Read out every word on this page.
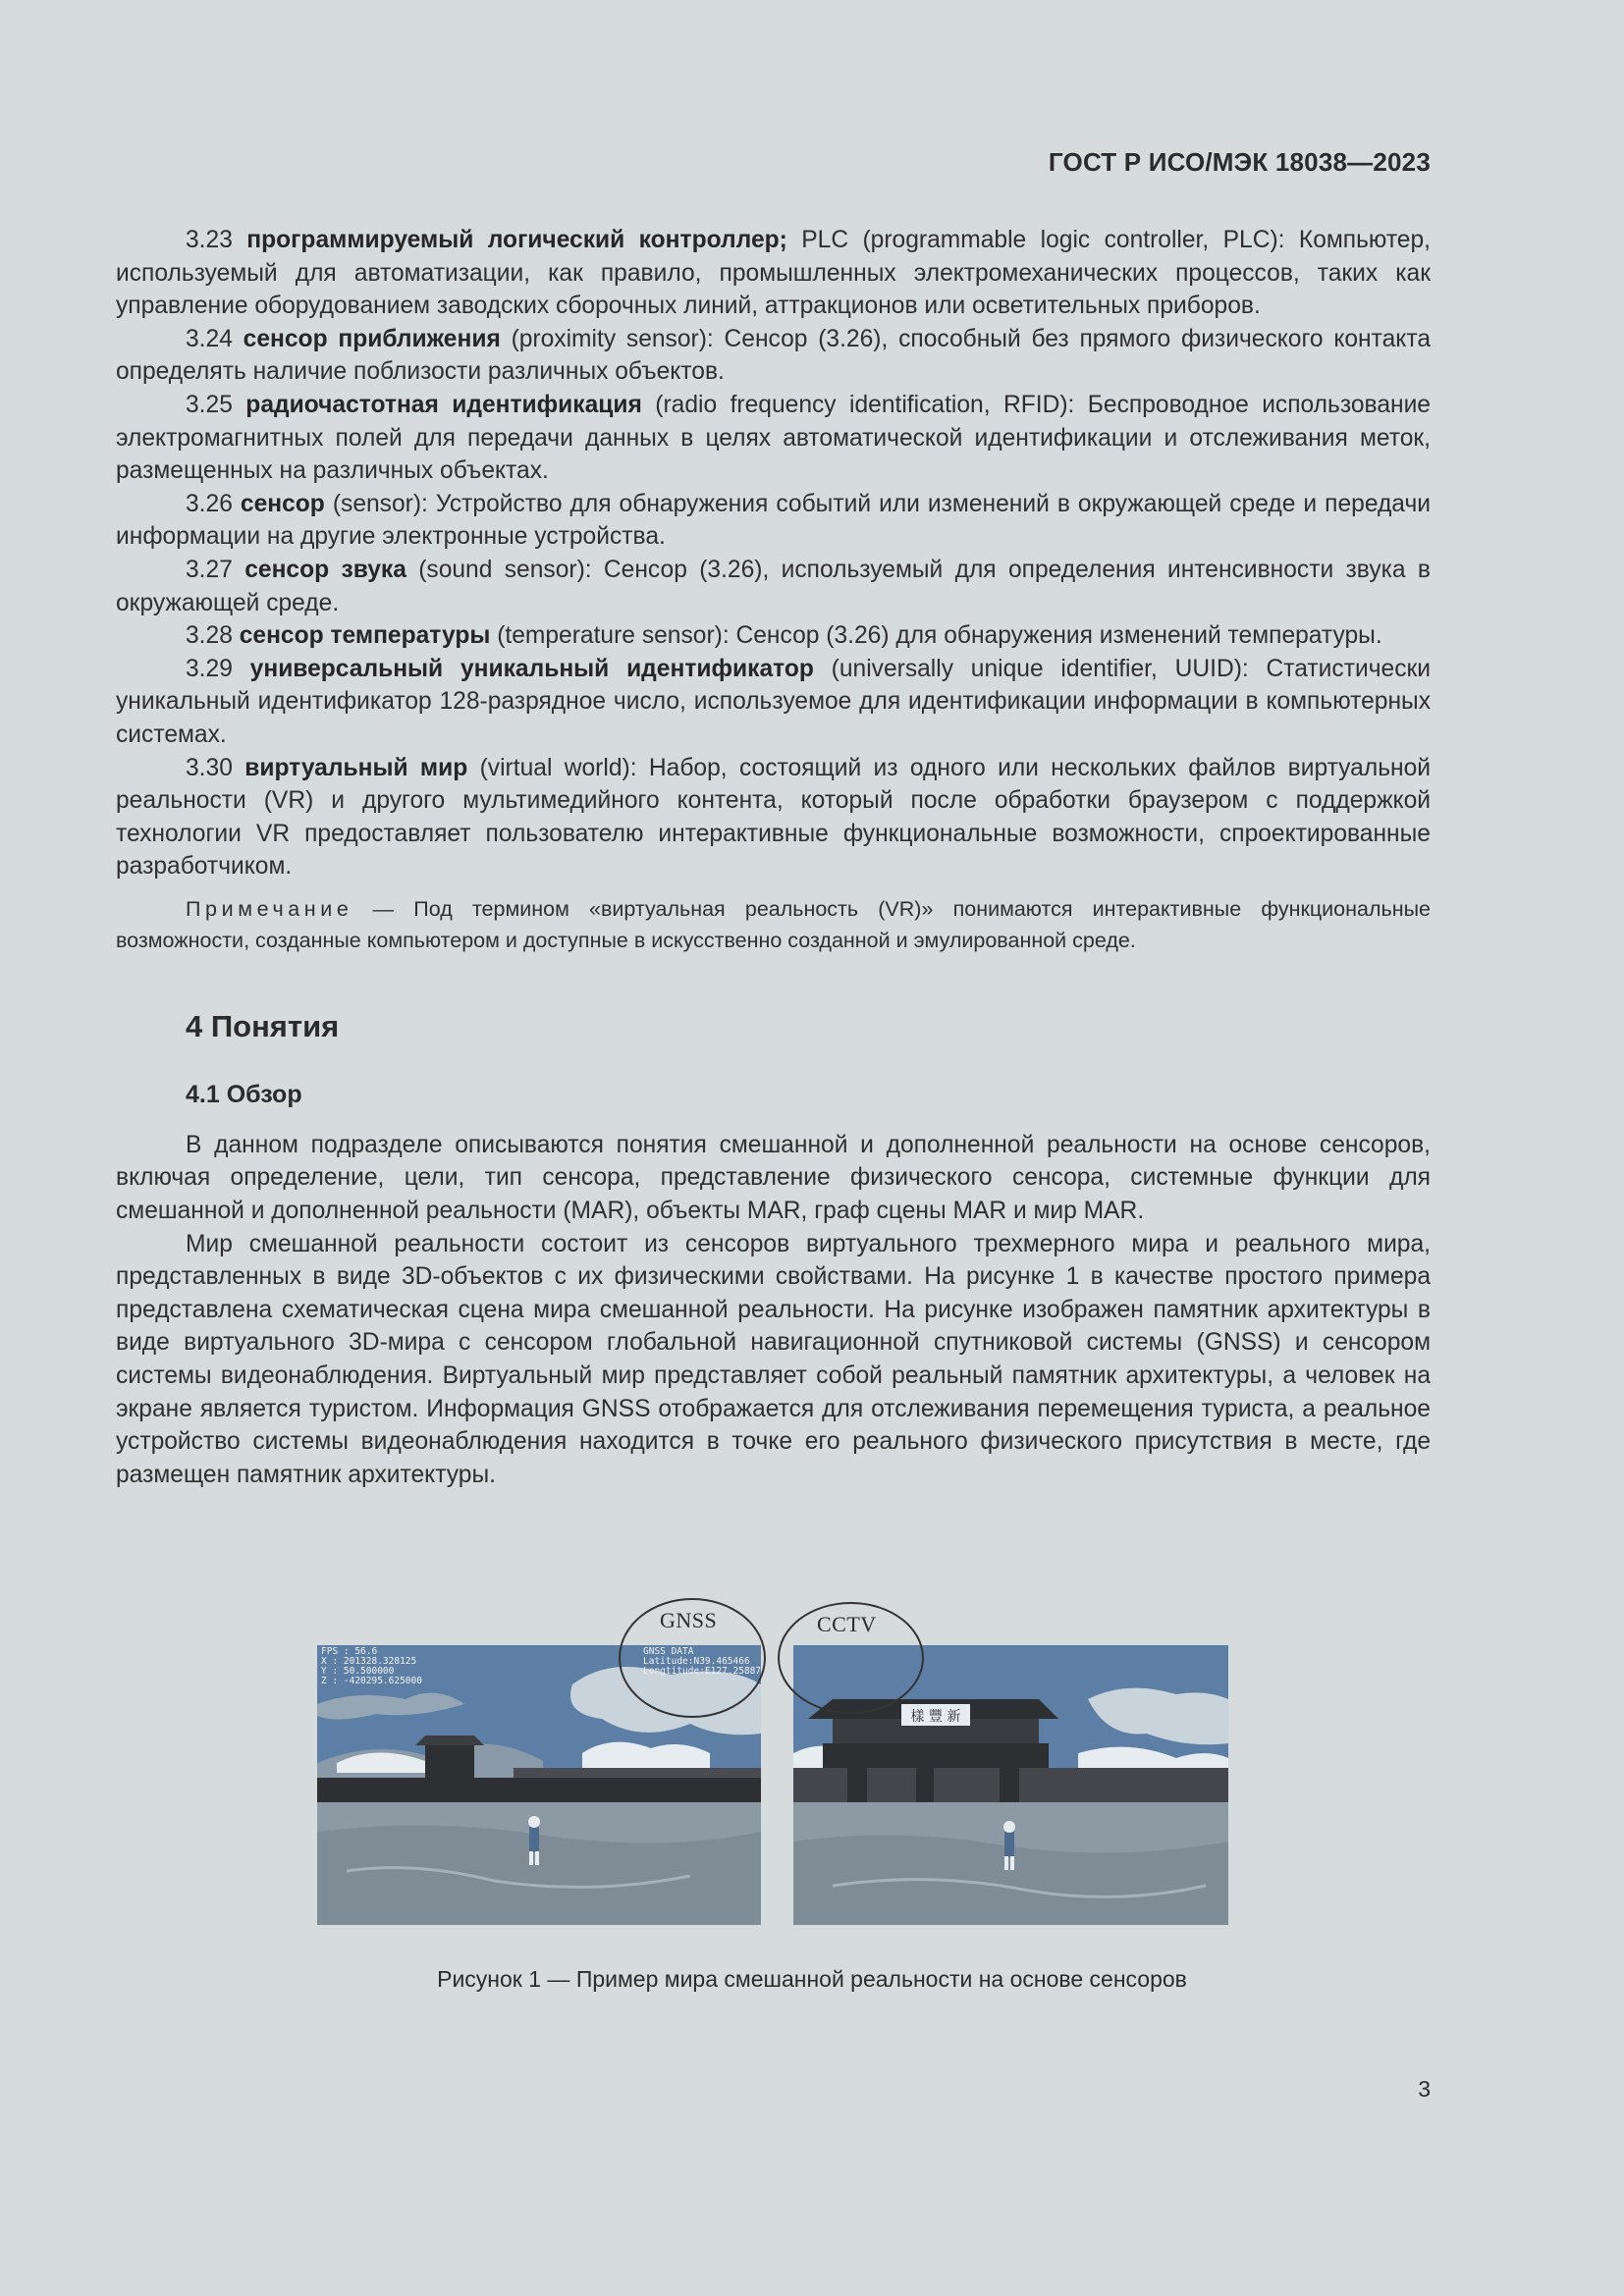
ГОСТ Р ИСО/МЭК 18038—2023

3.23 программируемый логический контроллер; PLC (programmable logic controller, PLC): Компьютер, используемый для автоматизации, как правило, промышленных электромеханических процессов, таких как управление оборудованием заводских сборочных линий, аттракционов или осветительных приборов.

3.24 сенсор приближения (proximity sensor): Сенсор (3.26), способный без прямого физического контакта определять наличие поблизости различных объектов.

3.25 радиочастотная идентификация (radio frequency identification, RFID): Беспроводное использование электромагнитных полей для передачи данных в целях автоматической идентификации и отслеживания меток, размещенных на различных объектах.

3.26 сенсор (sensor): Устройство для обнаружения событий или изменений в окружающей среде и передачи информации на другие электронные устройства.

3.27 сенсор звука (sound sensor): Сенсор (3.26), используемый для определения интенсивности звука в окружающей среде.

3.28 сенсор температуры (temperature sensor): Сенсор (3.26) для обнаружения изменений температуры.

3.29 универсальный уникальный идентификатор (universally unique identifier, UUID): Статистически уникальный идентификатор 128-разрядное число, используемое для идентификации информации в компьютерных системах.

3.30 виртуальный мир (virtual world): Набор, состоящий из одного или нескольких файлов виртуальной реальности (VR) и другого мультимедийного контента, который после обработки браузером с поддержкой технологии VR предоставляет пользователю интерактивные функциональные возможности, спроектированные разработчиком.

Примечание — Под термином «виртуальная реальность (VR)» понимаются интерактивные функциональные возможности, созданные компьютером и доступные в искусственно созданной и эмулированной среде.

4 Понятия
4.1 Обзор

В данном подразделе описываются понятия смешанной и дополненной реальности на основе сенсоров, включая определение, цели, тип сенсора, представление физического сенсора, системные функции для смешанной и дополненной реальности (MAR), объекты MAR, граф сцены MAR и мир MAR.

Мир смешанной реальности состоит из сенсоров виртуального трехмерного мира и реального мира, представленных в виде 3D-объектов с их физическими свойствами. На рисунке 1 в качестве простого примера представлена схематическая сцена мира смешанной реальности. На рисунке изображен памятник архитектуры в виде виртуального 3D-мира с сенсором глобальной навигационной спутниковой системы (GNSS) и сенсором системы видеонаблюдения. Виртуальный мир представляет собой реальный памятник архитектуры, а человек на экране является туристом. Информация GNSS отображается для отслеживания перемещения туриста, а реальное устройство системы видеонаблюдения находится в точке его реального физического присутствия в месте, где размещен памятник архитектуры.

FPS : 56.6
X : 201328.328125
Y : 50.500000
Z : -420295.625000
GNSS DATA
Latitude:N39.465466
Longtitude:E127.25887
GNSS
樣 豐 新
CCTV
Рисунок 1 — Пример мира смешанной реальности на основе сенсоров
3
